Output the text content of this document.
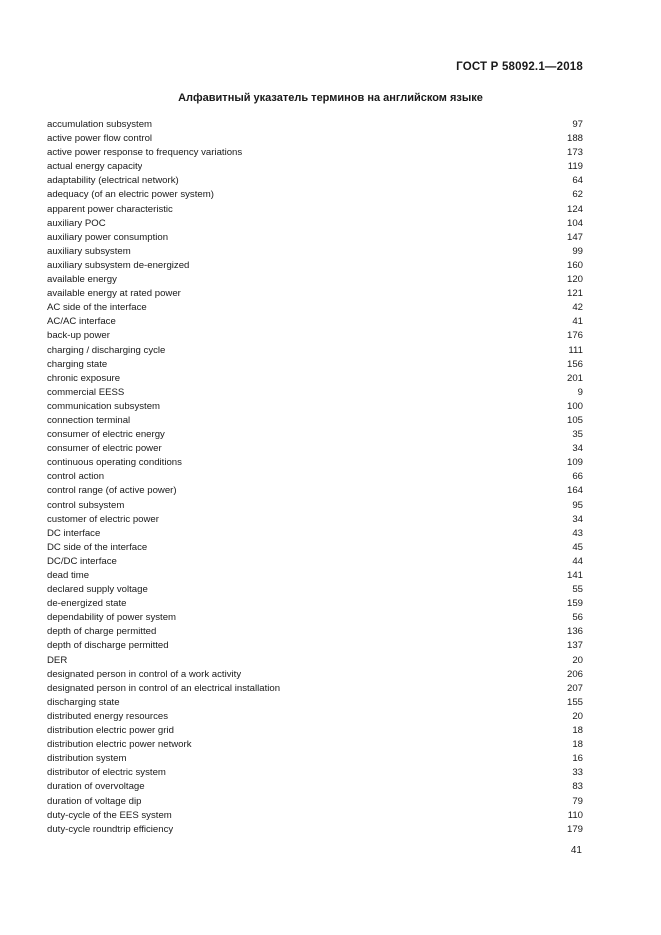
ГОСТ Р 58092.1—2018
Алфавитный указатель терминов на английском языке
accumulation subsystem	97
active power flow control	188
active power response to frequency variations	173
actual energy capacity	119
adaptability (electrical network)	64
adequacy (of an electric power system)	62
apparent power characteristic	124
auxiliary POC	104
auxiliary power consumption	147
auxiliary subsystem	99
auxiliary subsystem de-energized	160
available energy	120
available energy at rated power	121
AC side of the interface	42
AC/AC interface	41
back-up power	176
charging / discharging cycle	111
charging state	156
chronic exposure	201
commercial EESS	9
communication subsystem	100
connection terminal	105
consumer of electric energy	35
consumer of electric power	34
continuous operating conditions	109
control action	66
control range (of active power)	164
control subsystem	95
customer of electric power	34
DC interface	43
DC side of the interface	45
DC/DC interface	44
dead time	141
declared supply voltage	55
de-energized state	159
dependability of power system	56
depth of charge permitted	136
depth of discharge permitted	137
DER	20
designated person in control of a work activity	206
designated person in control of an electrical installation	207
discharging state	155
distributed energy resources	20
distribution electric power grid	18
distribution electric power network	18
distribution system	16
distributor of electric system	33
duration of overvoltage	83
duration of voltage dip	79
duty-cycle of the EES system	110
duty-cycle roundtrip efficiency	179
41
